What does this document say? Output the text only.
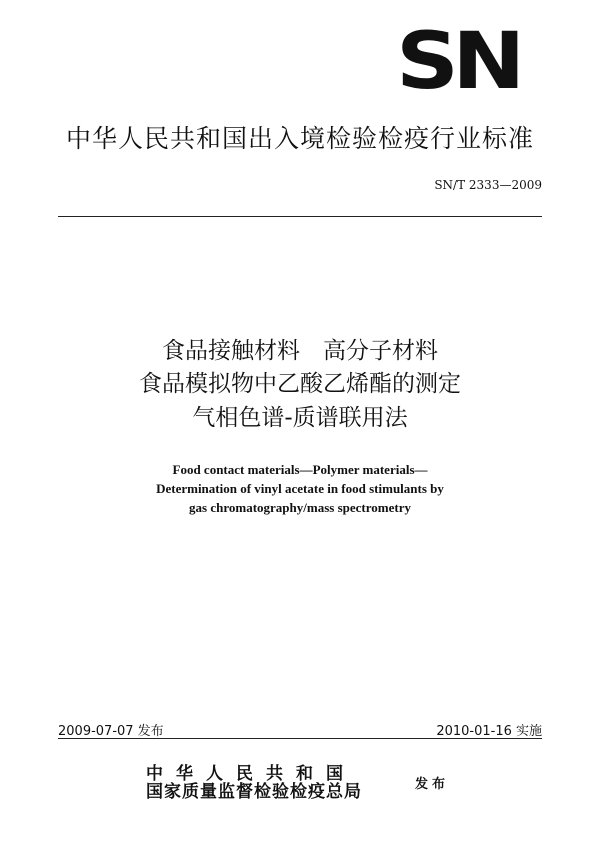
SN
中华人民共和国出入境检验检疫行业标准
SN/T 2333—2009
食品接触材料　高分子材料
食品模拟物中乙酸乙烯酯的测定
气相色谱-质谱联用法
Food contact materials—Polymer materials—
Determination of vinyl acetate in food stimulants by
gas chromatography/mass spectrometry
2009-07-07 发布	2010-01-16 实施
中华人民共和国
国家质量监督检验检疫总局	发布
